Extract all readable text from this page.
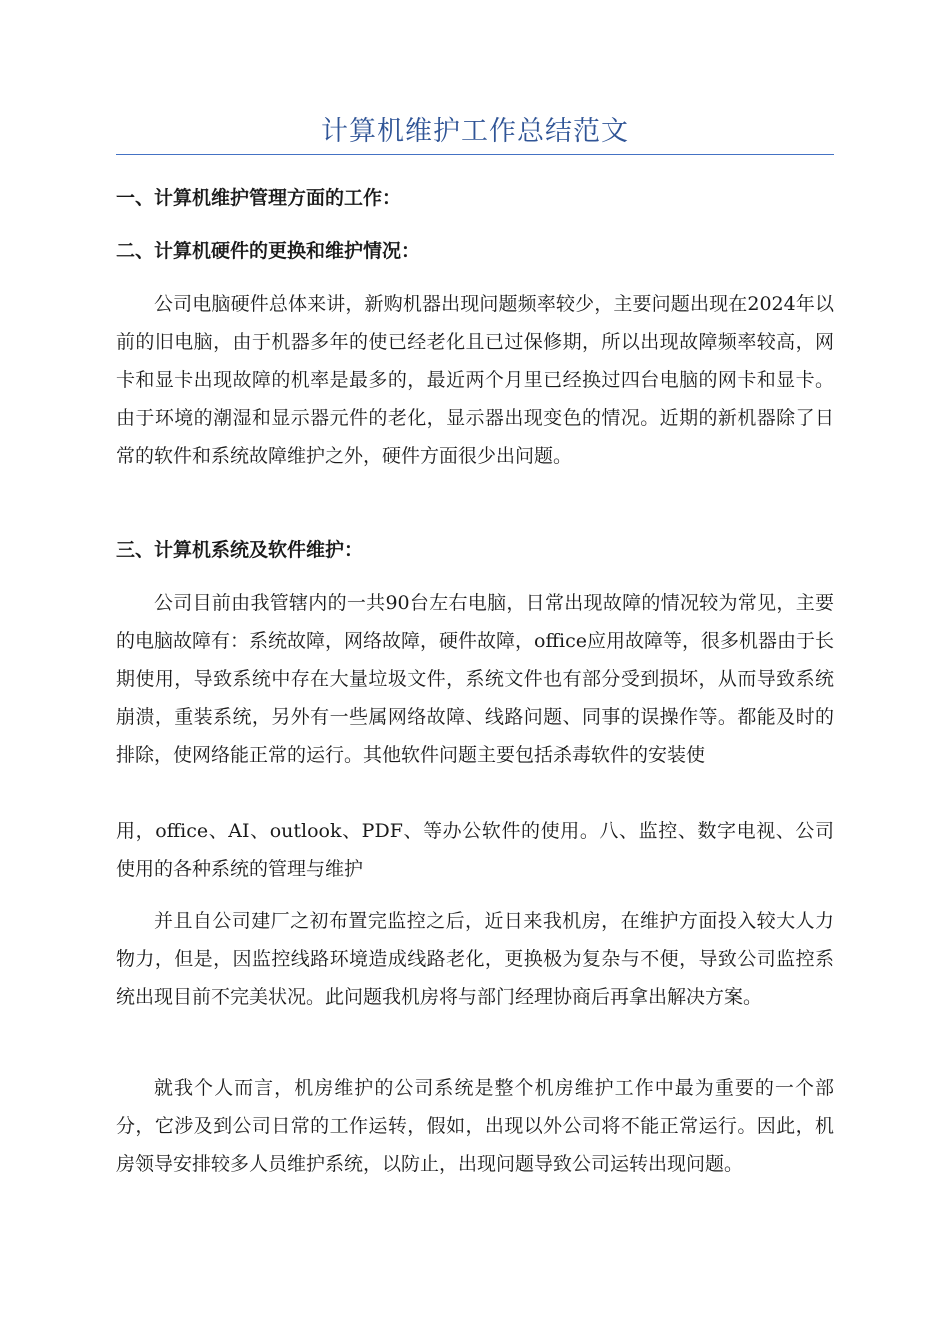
计算机维护工作总结范文
一、计算机维护管理方面的工作：
二、计算机硬件的更换和维护情况：

公司电脑硬件总体来讲，新购机器出现问题频率较少，主要问题出现在2024年以前的旧电脑，由于机器多年的使已经老化且已过保修期，所以出现故障频率较高，网卡和显卡出现故障的机率是最多的，最近两个月里已经换过四台电脑的网卡和显卡。由于环境的潮湿和显示器元件的老化，显示器出现变色的情况。近期的新机器除了日常的软件和系统故障维护之外，硬件方面很少出问题。

三、计算机系统及软件维护：

公司目前由我管辖内的一共90台左右电脑，日常出现故障的情况较为常见，主要的电脑故障有：系统故障，网络故障，硬件故障，office应用故障等，很多机器由于长期使用，导致系统中存在大量垃圾文件，系统文件也有部分受到损坏，从而导致系统崩溃，重装系统，另外有一些属网络故障、线路问题、同事的误操作等。都能及时的排除，使网络能正常的运行。其他软件问题主要包括杀毒软件的安装使

用，office、AI、outlook、PDF、等办公软件的使用。八、监控、数字电视、公司使用的各种系统的管理与维护

并且自公司建厂之初布置完监控之后，近日来我机房，在维护方面投入较大人力物力，但是，因监控线路环境造成线路老化，更换极为复杂与不便，导致公司监控系统出现目前不完美状况。此问题我机房将与部门经理协商后再拿出解决方案。

就我个人而言，机房维护的公司系统是整个机房维护工作中最为重要的一个部分，它涉及到公司日常的工作运转，假如，出现以外公司将不能正常运行。因此，机房领导安排较多人员维护系统，以防止，出现问题导致公司运转出现问题。
